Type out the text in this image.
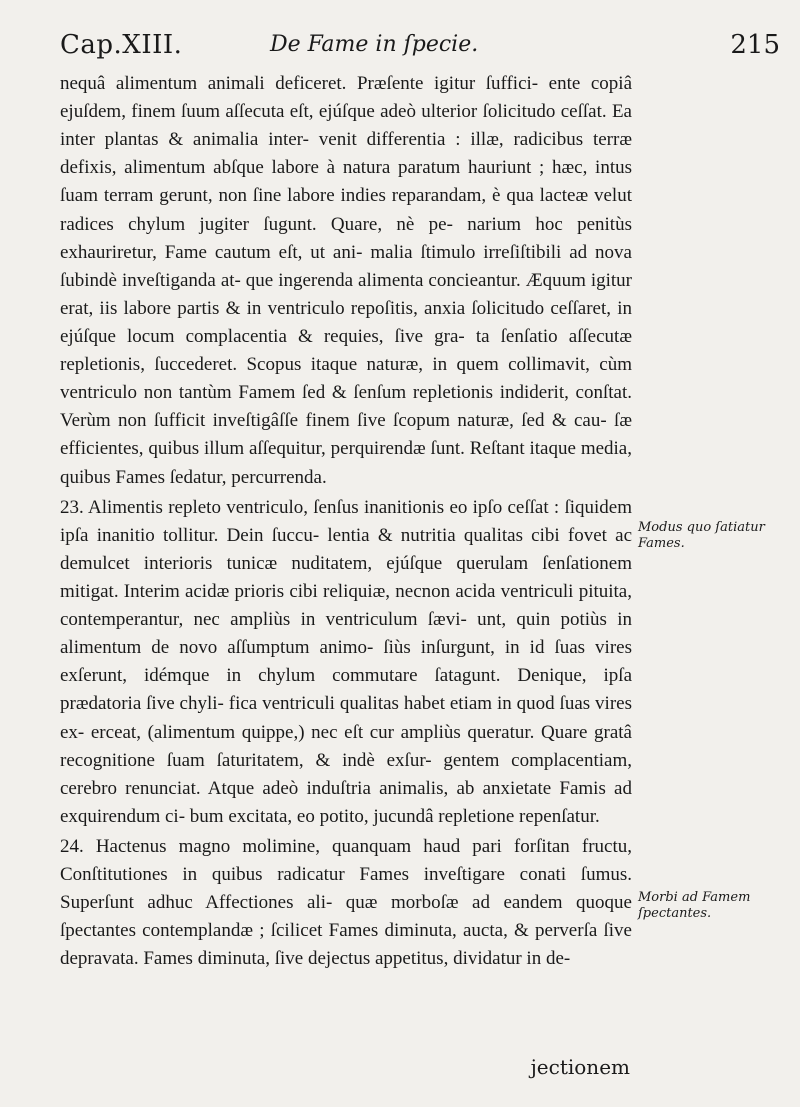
Cap.XIII.	De Fame in ſpecie.	215

nequâ alimentum animali deficeret. Præſente igitur ſuffici- ente copiâ ejuſdem, finem ſuum aſſecuta eſt, ejúſque adeò ulterior ſolicitudo ceſſat. Ea inter plantas & animalia inter- venit differentia : illæ, radicibus terræ defixis, alimentum abſque labore à natura paratum hauriunt ; hæc, intus ſuam terram gerunt, non ſine labore indies reparandam, è qua lacteæ velut radices chylum jugiter ſugunt. Quare, nè pe- narium hoc penitùs exhauriretur, Fame cautum eſt, ut ani- malia ſtimulo irreſiſtibili ad nova ſubindè inveſtiganda at- que ingerenda alimenta concieantur. Æquum igitur erat, iis labore partis & in ventriculo repoſitis, anxia ſolicitudo ceſſaret, in ejúſque locum complacentia & requies, ſive gra- ta ſenſatio aſſecutæ repletionis, ſuccederet. Scopus itaque naturæ, in quem collimavit, cùm ventriculo non tantùm Famem ſed & ſenſum repletionis indiderit, conſtat. Verùm non ſufficit inveſtigâſſe finem ſive ſcopum naturæ, ſed & cau- ſæ efficientes, quibus illum aſſequitur, perquirendæ ſunt. Reſtant itaque media, quibus Fames ſedatur, percurrenda.

23. Alimentis repleto ventriculo, ſenſus inanitionis eo ipſo ceſſat : ſiquidem ipſa inanitio tollitur. Dein ſuccu- lentia & nutritia qualitas cibi fovet ac demulcet interioris tunicæ nuditatem, ejúſque querulam ſenſationem mitigat. Interim acidæ prioris cibi reliquiæ, necnon acida ventriculi pituita, contemperantur, nec ampliùs in ventriculum ſævi- unt, quin potiùs in alimentum de novo aſſumptum animo- ſiùs inſurgunt, in id ſuas vires exſerunt, idémque in chylum commutare ſatagunt. Denique, ipſa prædatoria ſive chyli- fica ventriculi qualitas habet etiam in quod ſuas vires ex- erceat, (alimentum quippe,) nec eſt cur ampliùs queratur. Quare gratâ recognitione ſuam ſaturitatem, & indè exſur- gentem complacentiam, cerebro renunciat. Atque adeò induſtria animalis, ab anxietate Famis ad exquirendum ci- bum excitata, eo potito, jucundâ repletione repenſatur.

24. Hactenus magno molimine, quanquam haud pari forſitan fructu, Conſtitutiones in quibus radicatur Fames inveſtigare conati ſumus. Superſunt adhuc Affectiones ali- quæ morboſæ ad eandem quoque ſpectantes contemplandæ ; ſcilicet Fames diminuta, aucta, & perverſa ſive depravata. Fames diminuta, ſive dejectus appetitus, dividatur in de-

Modus quo ſatiatur Fames.
Morbi ad Famem ſpectantes.
jectionem
